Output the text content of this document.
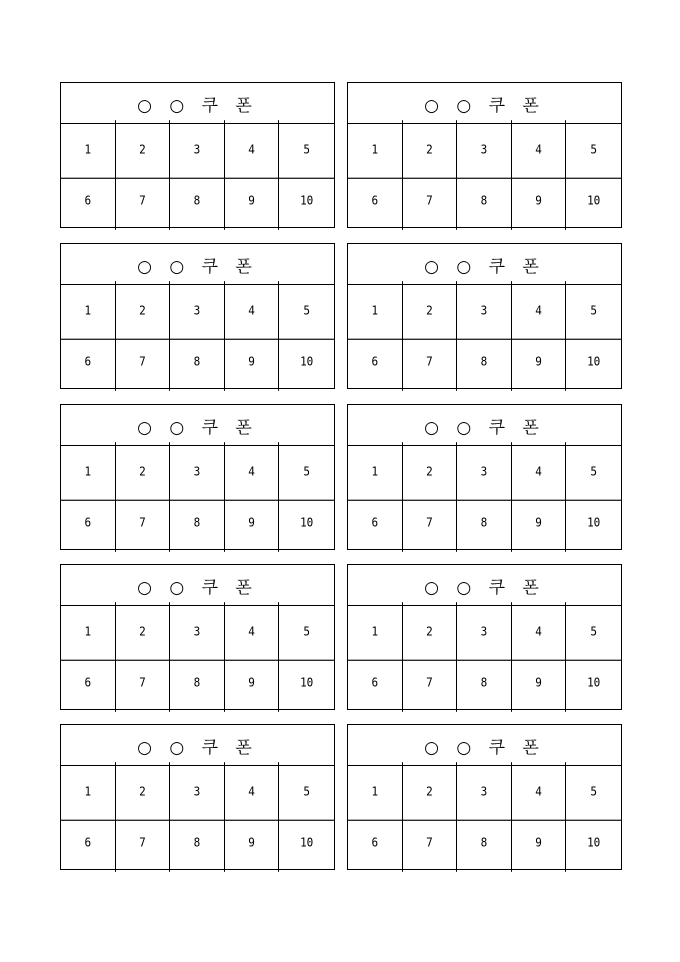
○ ○ 쿠 폰
1	2	3	4	5
6	7	8	9	10
○ ○ 쿠 폰
1	2	3	4	5
6	7	8	9	10
○ ○ 쿠 폰
1	2	3	4	5
6	7	8	9	10
○ ○ 쿠 폰
1	2	3	4	5
6	7	8	9	10
○ ○ 쿠 폰
1	2	3	4	5
6	7	8	9	10
○ ○ 쿠 폰
1	2	3	4	5
6	7	8	9	10
○ ○ 쿠 폰
1	2	3	4	5
6	7	8	9	10
○ ○ 쿠 폰
1	2	3	4	5
6	7	8	9	10
○ ○ 쿠 폰
1	2	3	4	5
6	7	8	9	10
○ ○ 쿠 폰
1	2	3	4	5
6	7	8	9	10
